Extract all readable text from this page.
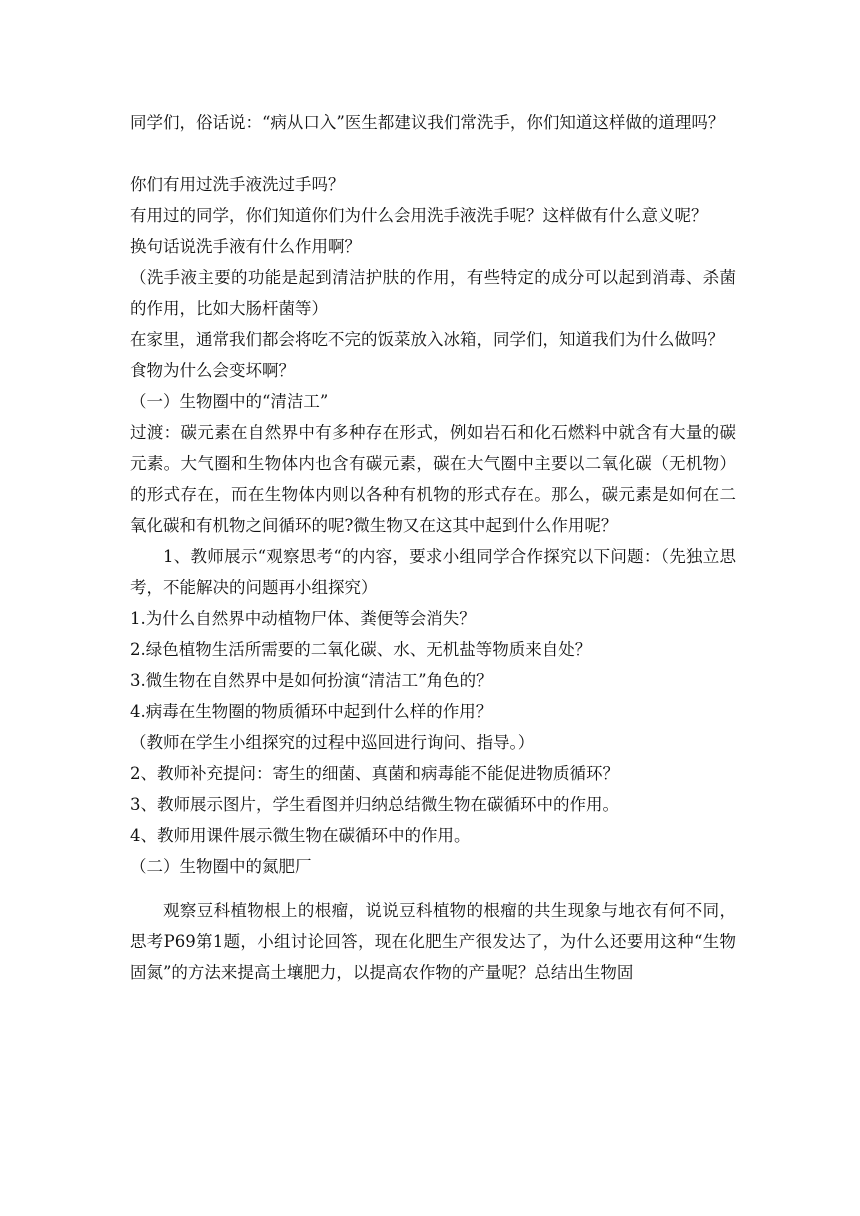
同学们，俗话说：“病从口入”医生都建议我们常洗手，你们知道这样做的道理吗？

你们有用过洗手液洗过手吗？

有用过的同学，你们知道你们为什么会用洗手液洗手呢？这样做有什么意义呢？

换句话说洗手液有什么作用啊？

（洗手液主要的功能是起到清洁护肤的作用，有些特定的成分可以起到消毒、杀菌的作用，比如大肠杆菌等）

在家里，通常我们都会将吃不完的饭菜放入冰箱，同学们，知道我们为什么做吗？

食物为什么会变坏啊？

（一）生物圈中的“清洁工”

过渡：碳元素在自然界中有多种存在形式，例如岩石和化石燃料中就含有大量的碳元素。大气圈和生物体内也含有碳元素，碳在大气圈中主要以二氧化碳（无机物）的形式存在，而在生物体内则以各种有机物的形式存在。那么，碳元素是如何在二氧化碳和有机物之间循环的呢?微生物又在这其中起到什么作用呢？

1、教师展示“观察思考“的内容，要求小组同学合作探究以下问题：（先独立思考，不能解决的问题再小组探究）

1.为什么自然界中动植物尸体、粪便等会消失？

2.绿色植物生活所需要的二氧化碳、水、无机盐等物质来自处？

3.微生物在自然界中是如何扮演“清洁工”角色的？

4.病毒在生物圈的物质循环中起到什么样的作用？

（教师在学生小组探究的过程中巡回进行询问、指导。）

2、教师补充提问：寄生的细菌、真菌和病毒能不能促进物质循环？

3、教师展示图片，学生看图并归纳总结微生物在碳循环中的作用。

4、教师用课件展示微生物在碳循环中的作用。

（二）生物圈中的氮肥厂

观察豆科植物根上的根瘤，说说豆科植物的根瘤的共生现象与地衣有何不同，思考P69第1题，小组讨论回答，现在化肥生产很发达了，为什么还要用这种“生物固氮”的方法来提高土壤肥力，以提高农作物的产量呢？总结出生物固
